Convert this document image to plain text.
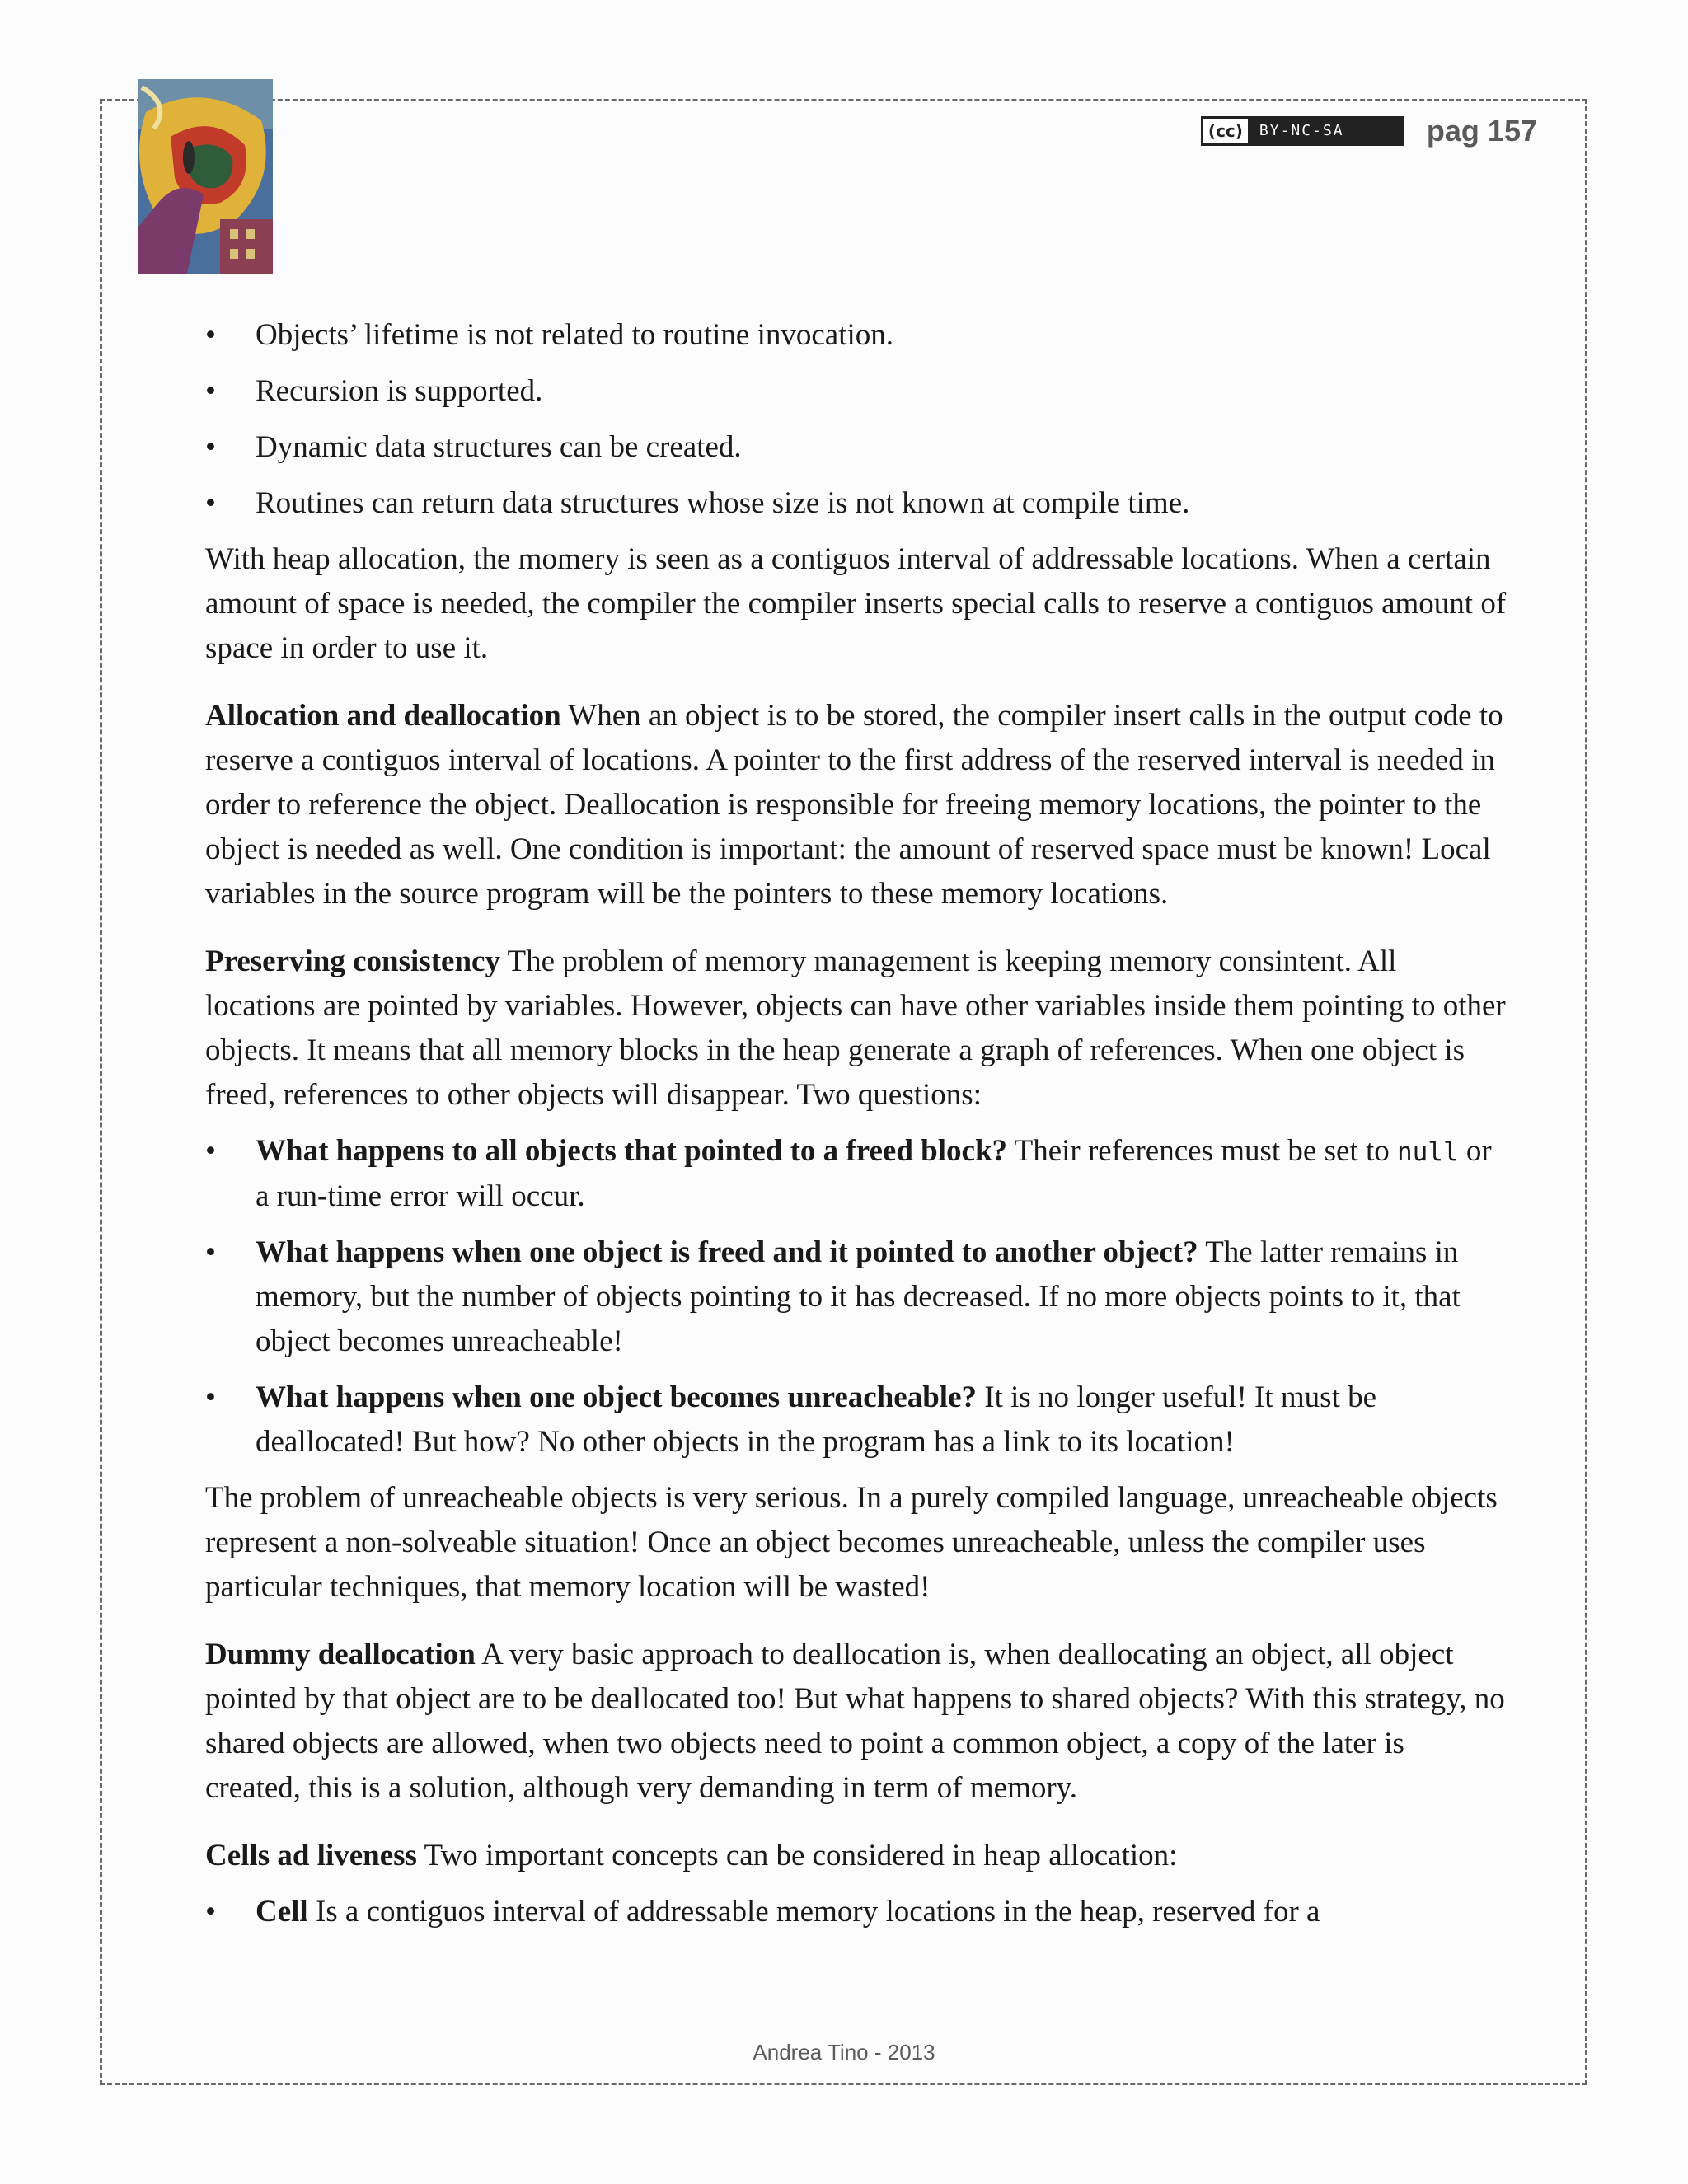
(cc)	BY-NC-SA	pag 157
• Objects’ lifetime is not related to routine invocation.
• Recursion is supported.
• Dynamic data structures can be created.
• Routines can return data structures whose size is not known at compile time.

With heap allocation, the momery is seen as a contiguos interval of addressable locations. When a certain amount of space is needed, the compiler the compiler inserts special calls to reserve a contiguos amount of space in order to use it.

Allocation and deallocation When an object is to be stored, the compiler insert calls in the output code to reserve a contiguos interval of locations. A pointer to the first address of the reserved interval is needed in order to reference the object. Deallocation is responsible for freeing memory locations, the pointer to the object is needed as well. One condition is important: the amount of reserved space must be known! Local variables in the source program will be the pointers to these memory locations.

Preserving consistency The problem of memory management is keeping memory consintent. All locations are pointed by variables. However, objects can have other variables inside them pointing to other objects. It means that all memory blocks in the heap generate a graph of references. When one object is freed, references to other objects will disappear. Two questions:

• What happens to all objects that pointed to a freed block? Their references must be set to null or a run-time error will occur.
• What happens when one object is freed and it pointed to another object? The latter remains in memory, but the number of objects pointing to it has decreased. If no more objects points to it, that object becomes unreacheable!
• What happens when one object becomes unreacheable? It is no longer useful! It must be deallocated! But how? No other objects in the program has a link to its location!

The problem of unreacheable objects is very serious. In a purely compiled language, unreacheable objects represent a non-solveable situation! Once an object becomes unreacheable, unless the compiler uses particular techniques, that memory location will be wasted!

Dummy deallocation A very basic approach to deallocation is, when deallocating an object, all object pointed by that object are to be deallocated too! But what happens to shared objects? With this strategy, no shared objects are allowed, when two objects need to point a common object, a copy of the later is created, this is a solution, although very demanding in term of memory.

Cells ad liveness Two important concepts can be considered in heap allocation:

• Cell Is a contiguos interval of addressable memory locations in the heap, reserved for a
Andrea Tino - 2013
